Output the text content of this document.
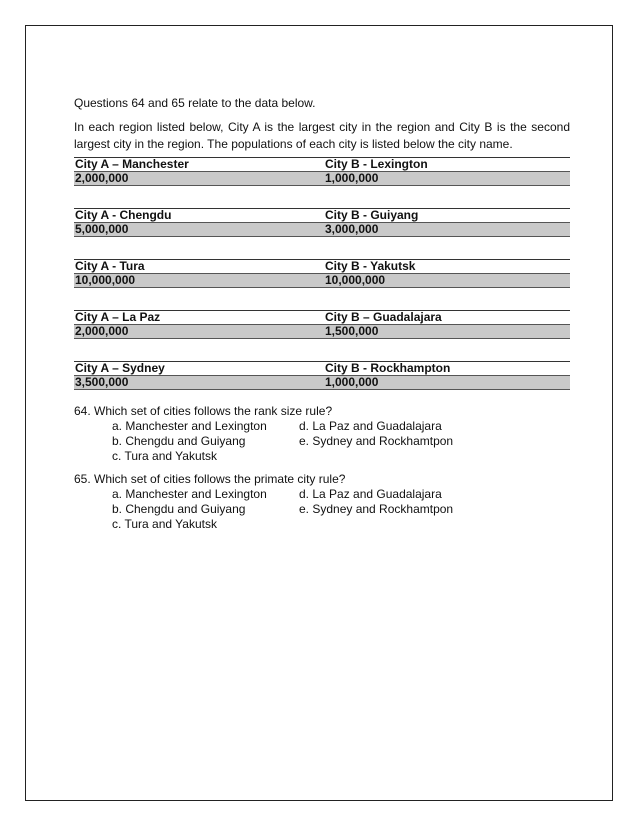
Questions 64 and 65 relate to the data below.

In each region listed below, City A is the largest city in the region and City B is the second largest city in the region. The populations of each city is listed below the city name.

City A – Manchester	City B - Lexington
2,000,000	1,000,000
City A - Chengdu	City B - Guiyang
5,000,000	3,000,000
City A - Tura	City B - Yakutsk
10,000,000	10,000,000
City A – La Paz	City B – Guadalajara
2,000,000	1,500,000
City A – Sydney	City B - Rockhampton
3,500,000	1,000,000

64. Which set of cities follows the rank size rule?

a. Manchester and Lexington	d. La Paz and Guadalajara
b. Chengdu and Guiyang	e. Sydney and Rockhamtpon
c. Tura and Yakutsk

65. Which set of cities follows the primate city rule?

a. Manchester and Lexington	d. La Paz and Guadalajara
b. Chengdu and Guiyang	e. Sydney and Rockhamtpon
c. Tura and Yakutsk
